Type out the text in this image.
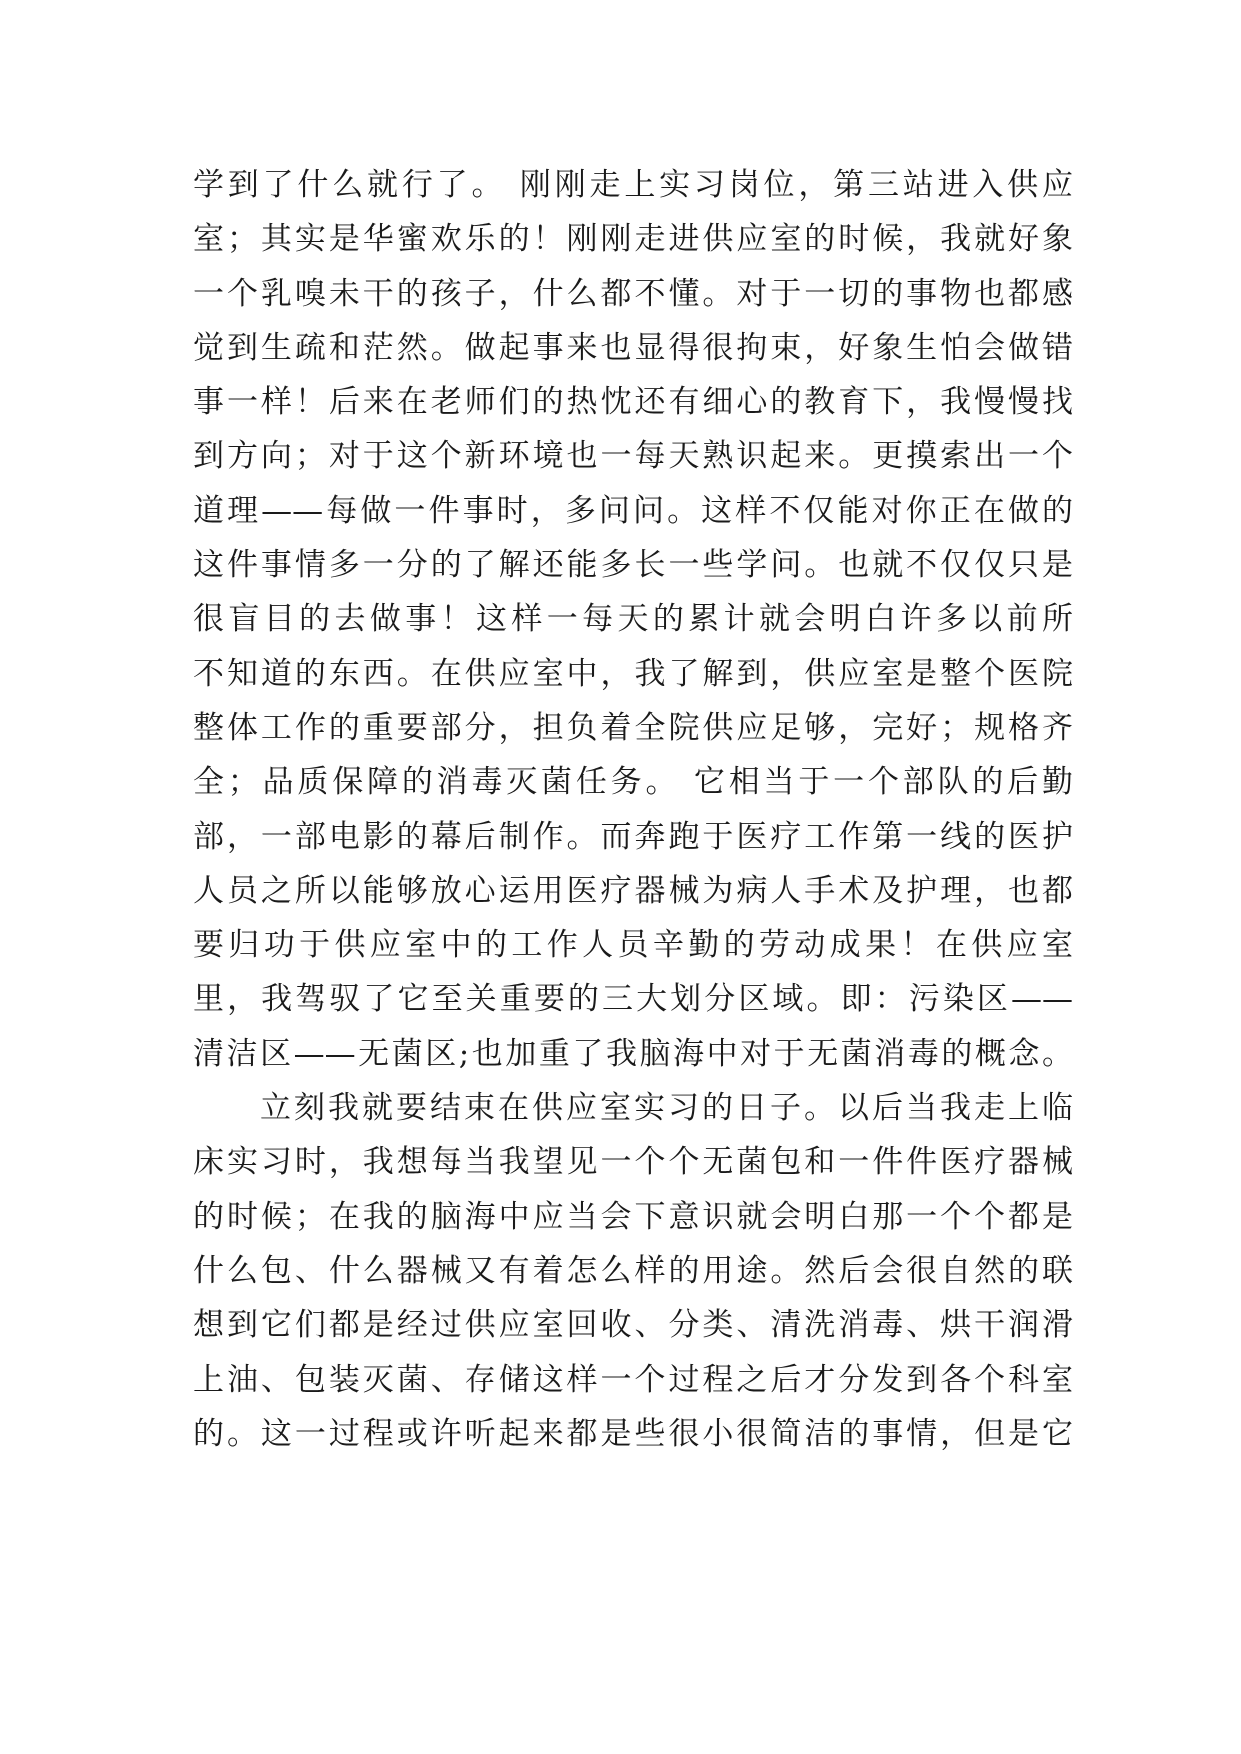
学到了什么就行了。 刚刚走上实习岗位，第三站进入供应
室；其实是华蜜欢乐的！刚刚走进供应室的时候，我就好象
一个乳嗅未干的孩子，什么都不懂。对于一切的事物也都感
觉到生疏和茫然。做起事来也显得很拘束，好象生怕会做错
事一样！后来在老师们的热忱还有细心的教育下，我慢慢找
到方向；对于这个新环境也一每天熟识起来。更摸索出一个
道理——每做一件事时，多问问。这样不仅能对你正在做的
这件事情多一分的了解还能多长一些学问。也就不仅仅只是
很盲目的去做事！这样一每天的累计就会明白许多以前所
不知道的东西。在供应室中，我了解到，供应室是整个医院
整体工作的重要部分，担负着全院供应足够，完好；规格齐
全；品质保障的消毒灭菌任务。 它相当于一个部队的后勤
部，一部电影的幕后制作。而奔跑于医疗工作第一线的医护
人员之所以能够放心运用医疗器械为病人手术及护理，也都
要归功于供应室中的工作人员辛勤的劳动成果！在供应室
里，我驾驭了它至关重要的三大划分区域。即：污染区——
清洁区——无菌区;也加重了我脑海中对于无菌消毒的概念。
立刻我就要结束在供应室实习的日子。以后当我走上临
床实习时，我想每当我望见一个个无菌包和一件件医疗器械
的时候；在我的脑海中应当会下意识就会明白那一个个都是
什么包、什么器械又有着怎么样的用途。然后会很自然的联
想到它们都是经过供应室回收、分类、清洗消毒、烘干润滑
上油、包装灭菌、存储这样一个过程之后才分发到各个科室
的。这一过程或许听起来都是些很小很简洁的事情，但是它
